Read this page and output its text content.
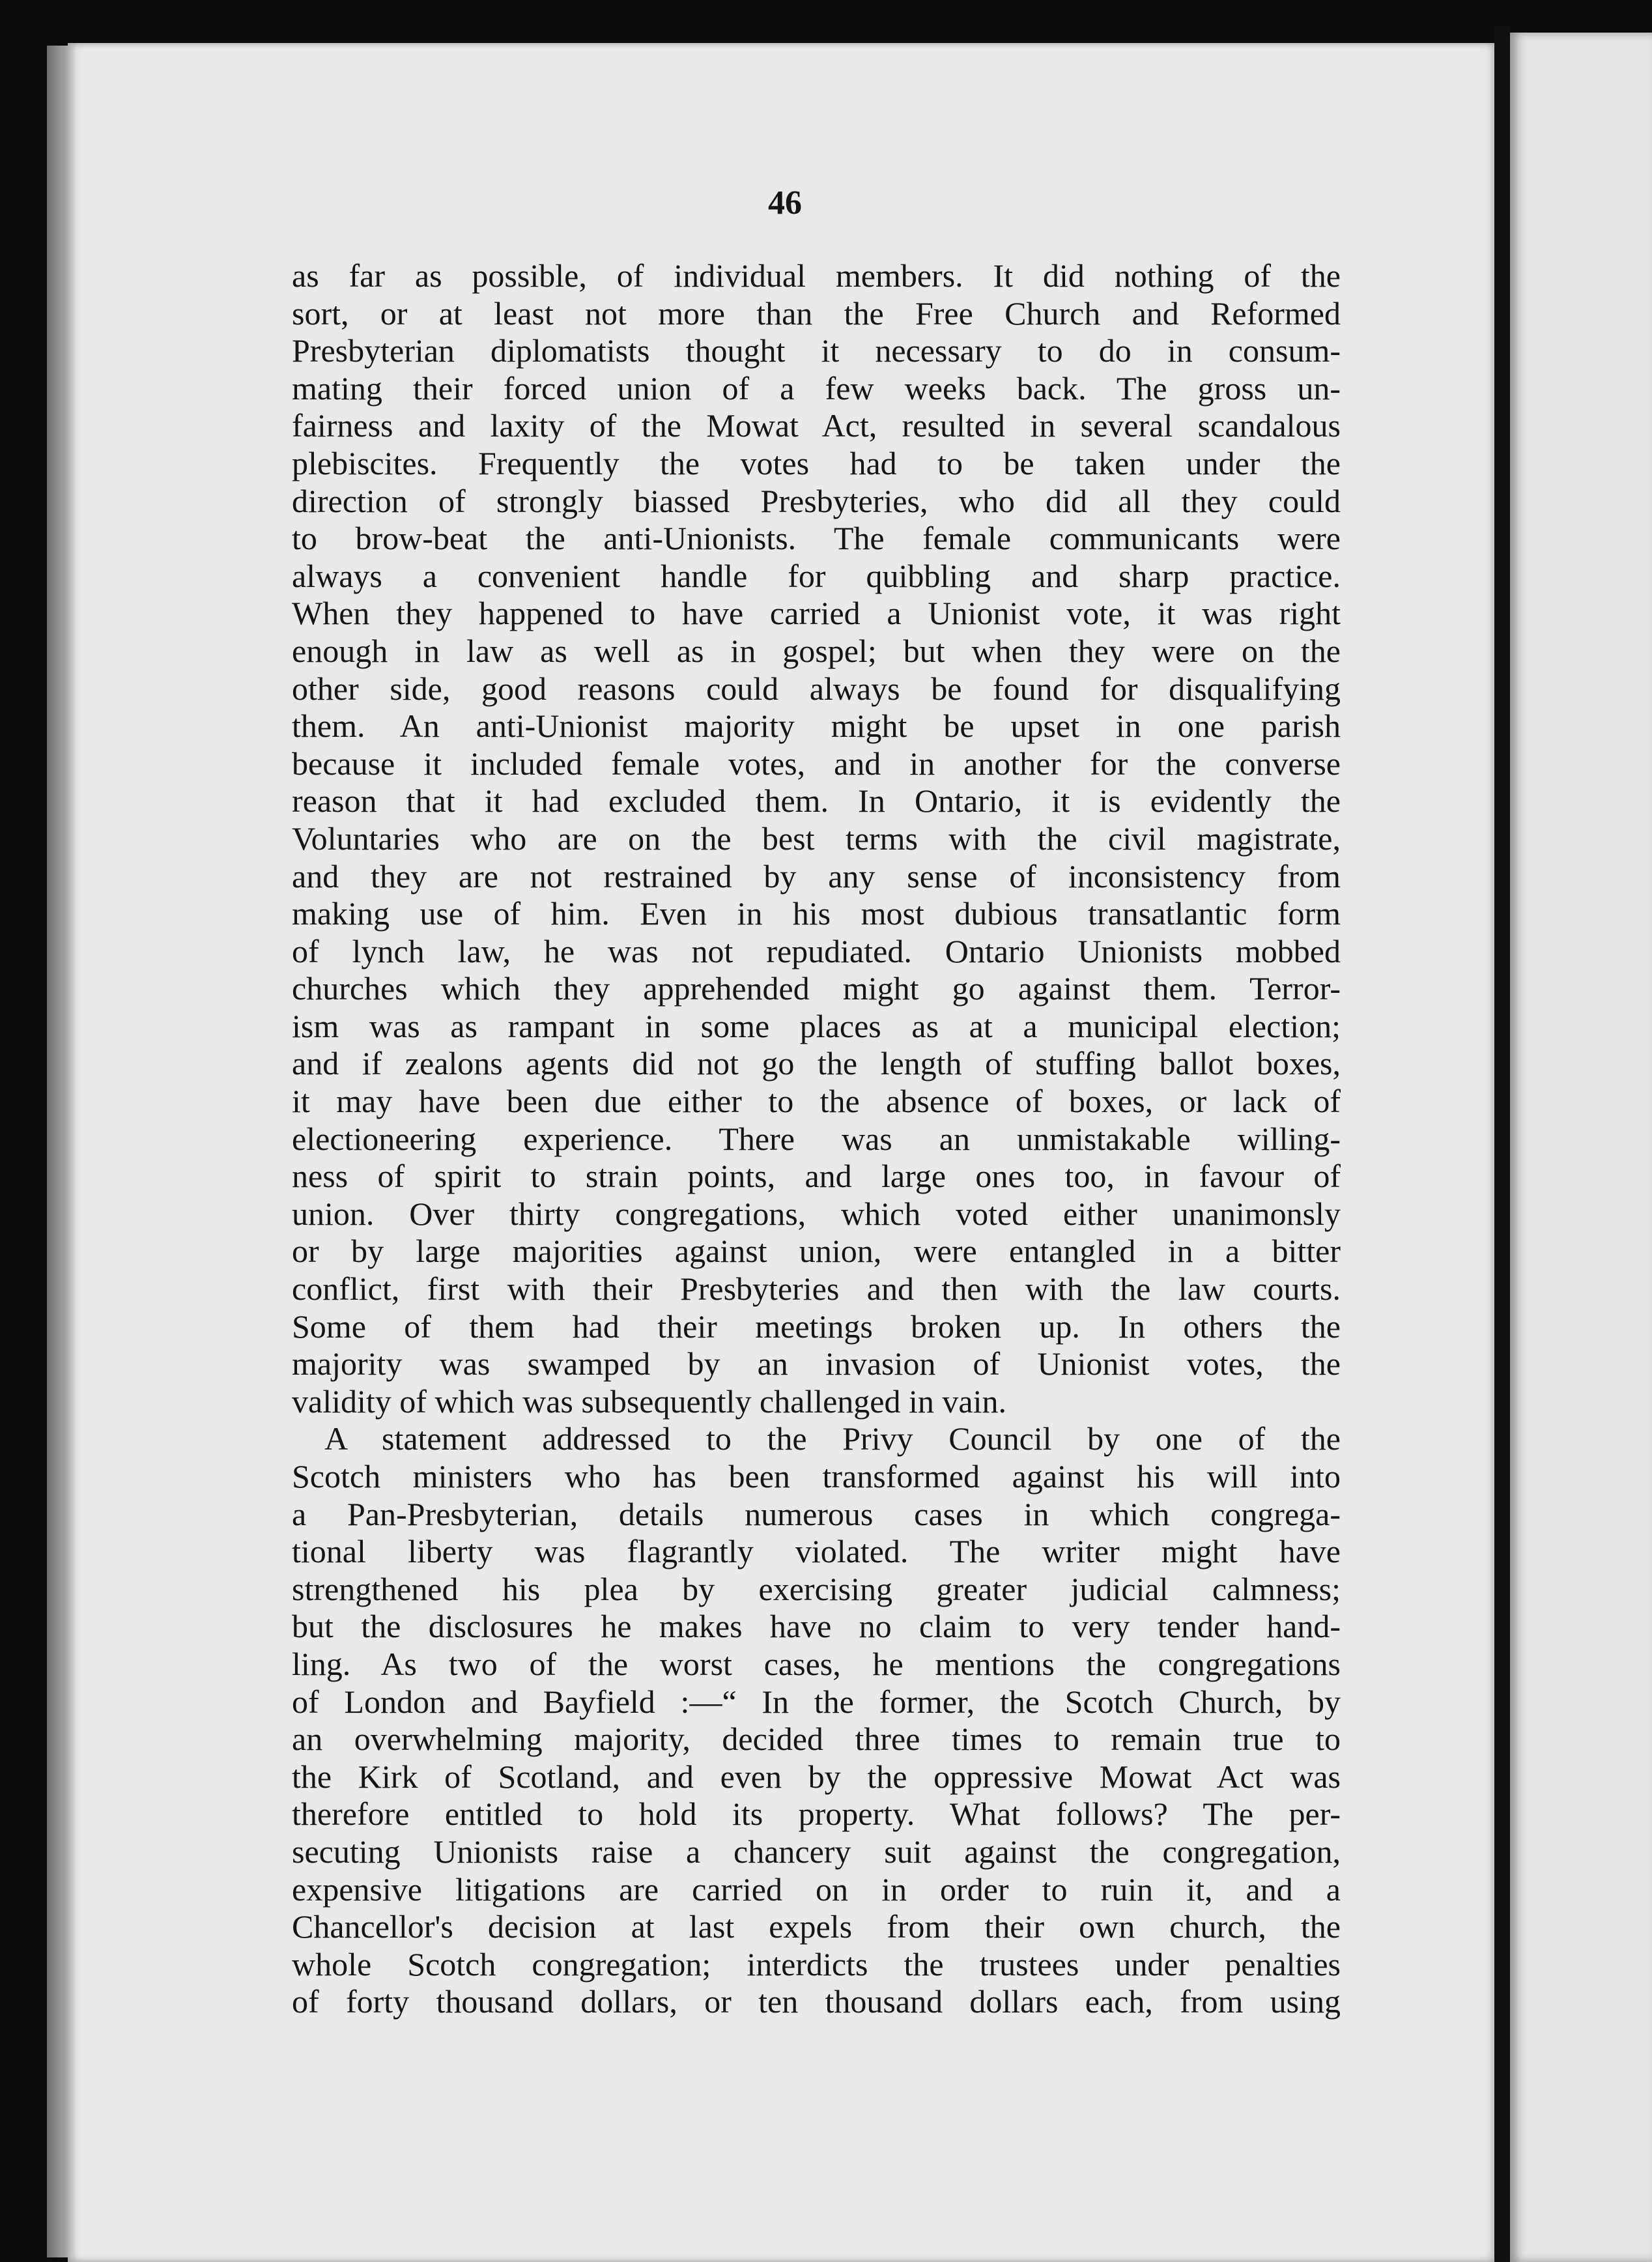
46

as far as possible, of individual members. It did nothing of the
sort, or at least not more than the Free Church and Reformed
Presbyterian diplomatists thought it necessary to do in consum-
mating their forced union of a few weeks back. The gross un-
fairness and laxity of the Mowat Act, resulted in several scandalous
plebiscites. Frequently the votes had to be taken under the
direction of strongly biassed Presbyteries, who did all they could
to brow-beat the anti-Unionists. The female communicants were
always a convenient handle for quibbling and sharp practice.
When they happened to have carried a Unionist vote, it was right
enough in law as well as in gospel; but when they were on the
other side, good reasons could always be found for disqualifying
them. An anti-Unionist majority might be upset in one parish
because it included female votes, and in another for the converse
reason that it had excluded them. In Ontario, it is evidently the
Voluntaries who are on the best terms with the civil magistrate,
and they are not restrained by any sense of inconsistency from
making use of him. Even in his most dubious transatlantic form
of lynch law, he was not repudiated. Ontario Unionists mobbed
churches which they apprehended might go against them. Terror-
ism was as rampant in some places as at a municipal election;
and if zealons agents did not go the length of stuffing ballot boxes,
it may have been due either to the absence of boxes, or lack of
electioneering experience. There was an unmistakable willing-
ness of spirit to strain points, and large ones too, in favour of
union. Over thirty congregations, which voted either unanimonsly
or by large majorities against union, were entangled in a bitter
conflict, first with their Presbyteries and then with the law courts.
Some of them had their meetings broken up. In others the
majority was swamped by an invasion of Unionist votes, the
validity of which was subsequently challenged in vain.

A statement addressed to the Privy Council by one of the
Scotch ministers who has been transformed against his will into
a Pan-Presbyterian, details numerous cases in which congrega-
tional liberty was flagrantly violated. The writer might have
strengthened his plea by exercising greater judicial calmness;
but the disclosures he makes have no claim to very tender hand-
ling. As two of the worst cases, he mentions the congregations
of London and Bayfield :—“ In the former, the Scotch Church, by
an overwhelming majority, decided three times to remain true to
the Kirk of Scotland, and even by the oppressive Mowat Act was
therefore entitled to hold its property. What follows? The per-
secuting Unionists raise a chancery suit against the congregation,
expensive litigations are carried on in order to ruin it, and a
Chancellor's decision at last expels from their own church, the
whole Scotch congregation; interdicts the trustees under penalties
of forty thousand dollars, or ten thousand dollars each, from using
